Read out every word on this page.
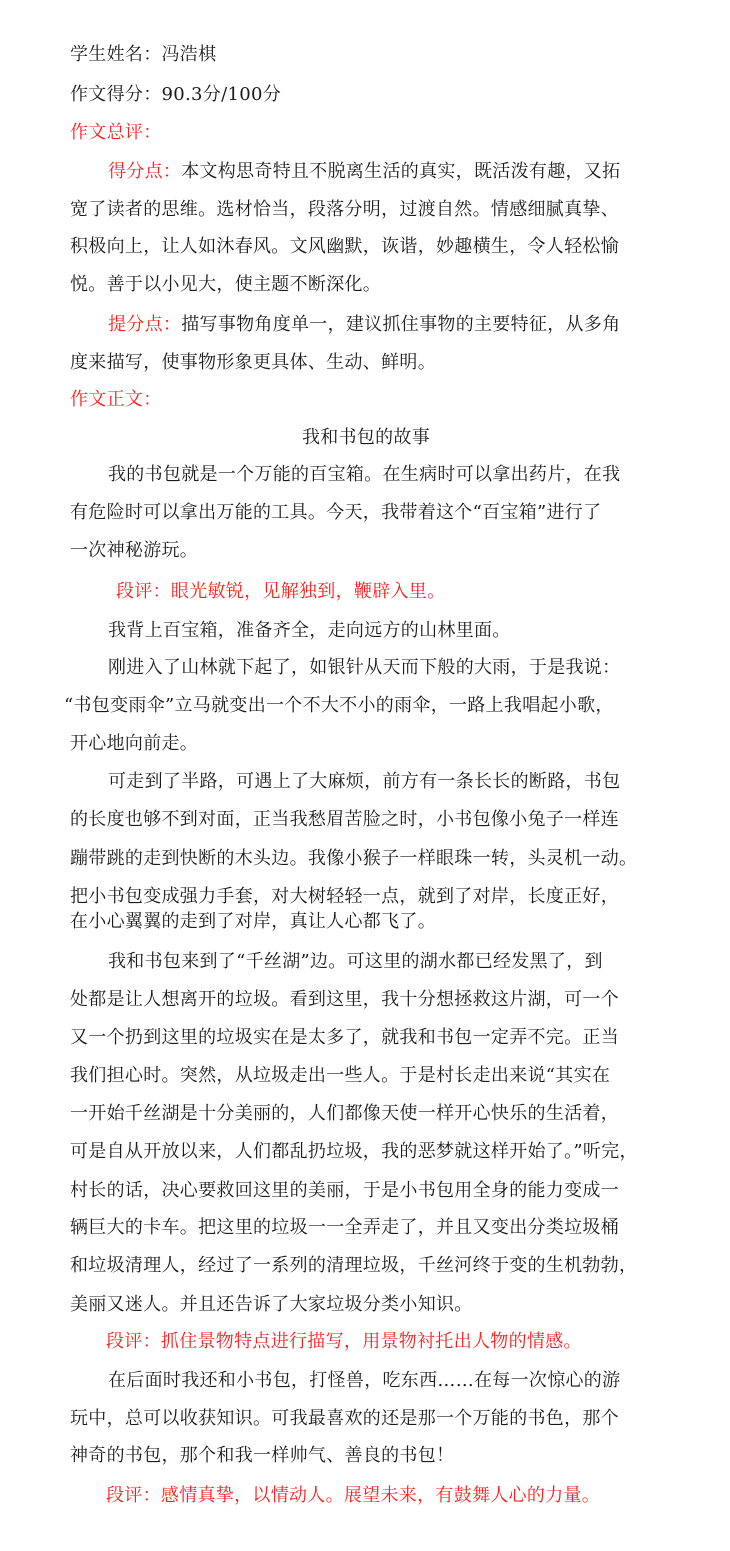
学生姓名：冯浩棋
作文得分：90.3分/100分
作文总评：
得分点：本文构思奇特且不脱离生活的真实，既活泼有趣，又拓
宽了读者的思维。选材恰当，段落分明，过渡自然。情感细腻真挚、
积极向上，让人如沐春风。文风幽默，诙谐，妙趣横生，令人轻松愉
悦。善于以小见大，使主题不断深化。
提分点：描写事物角度单一，建议抓住事物的主要特征，从多角
度来描写，使事物形象更具体、生动、鲜明。
作文正文：
我和书包的故事
我的书包就是一个万能的百宝箱。在生病时可以拿出药片，在我
有危险时可以拿出万能的工具。今天，我带着这个“百宝箱”进行了
一次神秘游玩。
段评：眼光敏锐，见解独到，鞭辟入里。
我背上百宝箱，准备齐全，走向远方的山林里面。
刚进入了山林就下起了，如银针从天而下般的大雨，于是我说：
“书包变雨伞”立马就变出一个不大不小的雨伞，一路上我唱起小歌，
开心地向前走。
可走到了半路，可遇上了大麻烦，前方有一条长长的断路，书包
的长度也够不到对面，正当我愁眉苦脸之时，小书包像小兔子一样连
蹦带跳的走到快断的木头边。我像小猴子一样眼珠一转，头灵机一动。
把小书包变成强力手套，对大树轻轻一点，就到了对岸，长度正好，
在小心翼翼的走到了对岸，真让人心都飞了。
我和书包来到了“千丝湖”边。可这里的湖水都已经发黑了，到
处都是让人想离开的垃圾。看到这里，我十分想拯救这片湖，可一个
又一个扔到这里的垃圾实在是太多了，就我和书包一定弄不完。正当
我们担心时。突然，从垃圾走出一些人。于是村长走出来说“其实在
一开始千丝湖是十分美丽的，人们都像天使一样开心快乐的生活着，
可是自从开放以来，人们都乱扔垃圾，我的恶梦就这样开始了。”听完，
村长的话，决心要救回这里的美丽，于是小书包用全身的能力变成一
辆巨大的卡车。把这里的垃圾一一全弄走了，并且又变出分类垃圾桶
和垃圾清理人，经过了一系列的清理垃圾，千丝河终于变的生机勃勃，
美丽又迷人。并且还告诉了大家垃圾分类小知识。
段评：抓住景物特点进行描写，用景物衬托出人物的情感。
在后面时我还和小书包，打怪兽，吃东西……在每一次惊心的游
玩中，总可以收获知识。可我最喜欢的还是那一个万能的书色，那个
神奇的书包，那个和我一样帅气、善良的书包！
段评：感情真挚，以情动人。展望未来，有鼓舞人心的力量。
